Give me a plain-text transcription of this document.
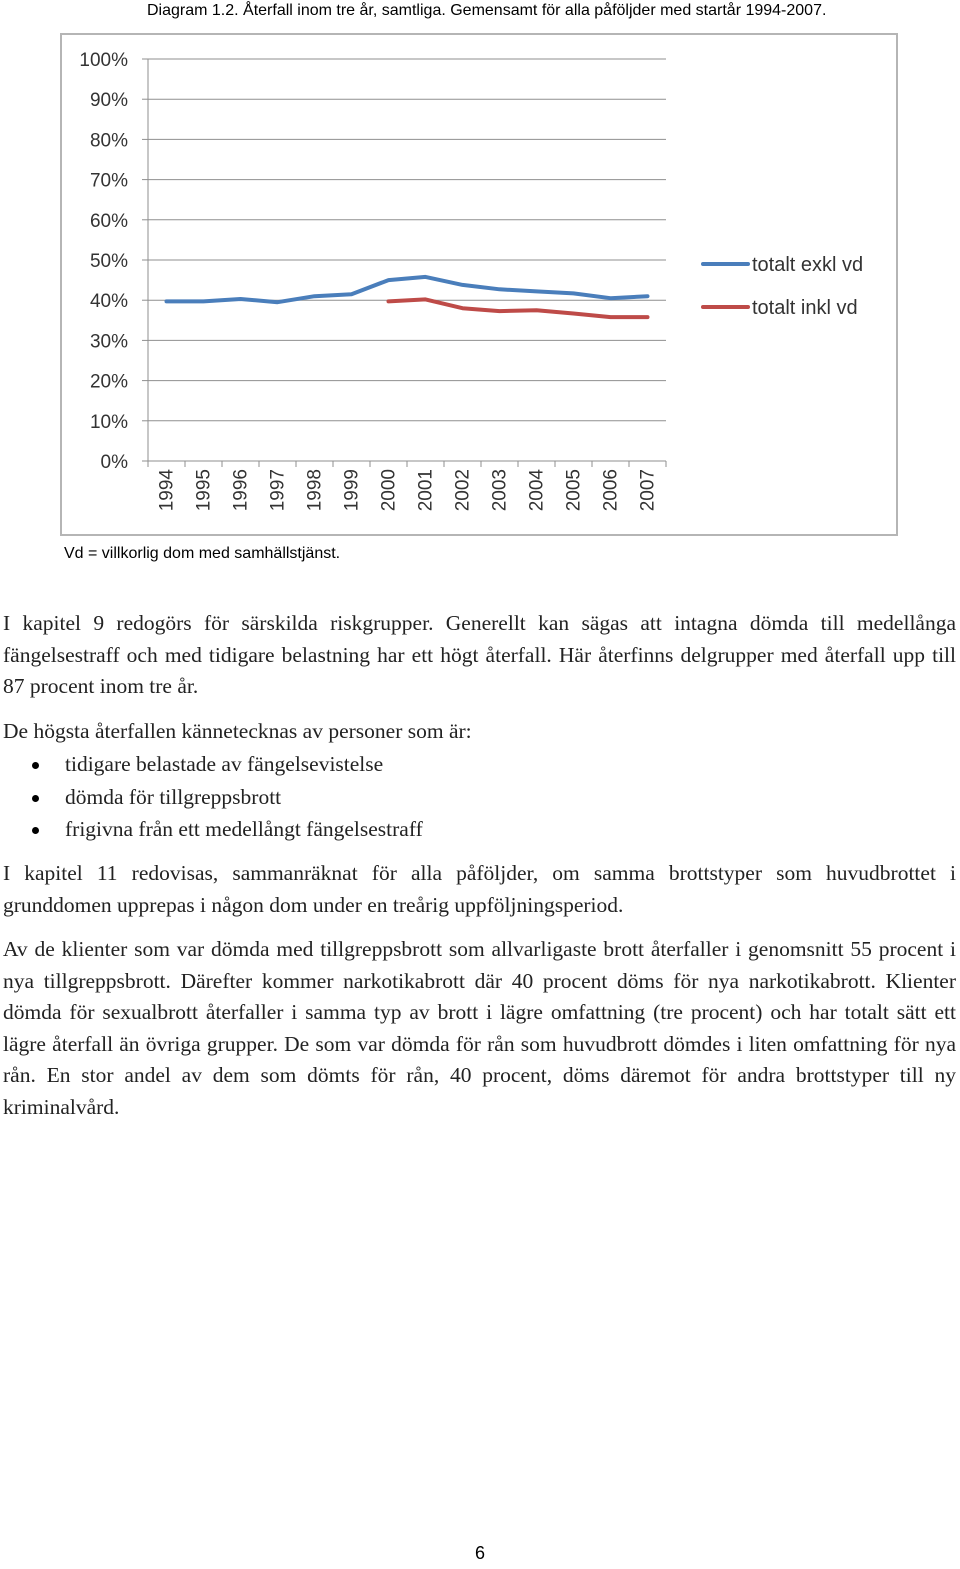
Diagram 1.2. Återfall inom tre år, samtliga. Gemensamt för alla påföljder med startår 1994-2007.
0%
10%
20%
30%
40%
50%
60%
70%
80%
90%
100%
1994 1995 1996 1997 1998 1999 2000 2001 2002 2003 2004 2005 2006 2007
totalt exkl vd
totalt inkl vd
Vd = villkorlig dom med samhällstjänst.

I kapitel 9 redogörs för särskilda riskgrupper. Generellt kan sägas att intagna dömda till medellånga fängelsestraff och med tidigare belastning har ett högt återfall. Här återfinns delgrupper med återfall upp till 87 procent inom tre år.

De högsta återfallen kännetecknas av personer som är:

tidigare belastade av fängelsevistelse
dömda för tillgreppsbrott
frigivna från ett medellångt fängelsestraff

I kapitel 11 redovisas, sammanräknat för alla påföljder, om samma brottstyper som huvudbrottet i grunddomen upprepas i någon dom under en treårig uppföljningsperiod.

Av de klienter som var dömda med tillgreppsbrott som allvarligaste brott återfaller i genomsnitt 55 procent i nya tillgreppsbrott. Därefter kommer narkotikabrott där 40 procent döms för nya narkotikabrott. Klienter dömda för sexualbrott återfaller i samma typ av brott i lägre omfattning (tre procent) och har totalt sätt ett lägre återfall än övriga grupper. De som var dömda för rån som huvudbrott dömdes i liten omfattning för nya rån. En stor andel av dem som dömts för rån, 40 procent, döms däremot för andra brottstyper till ny kriminalvård.

6
